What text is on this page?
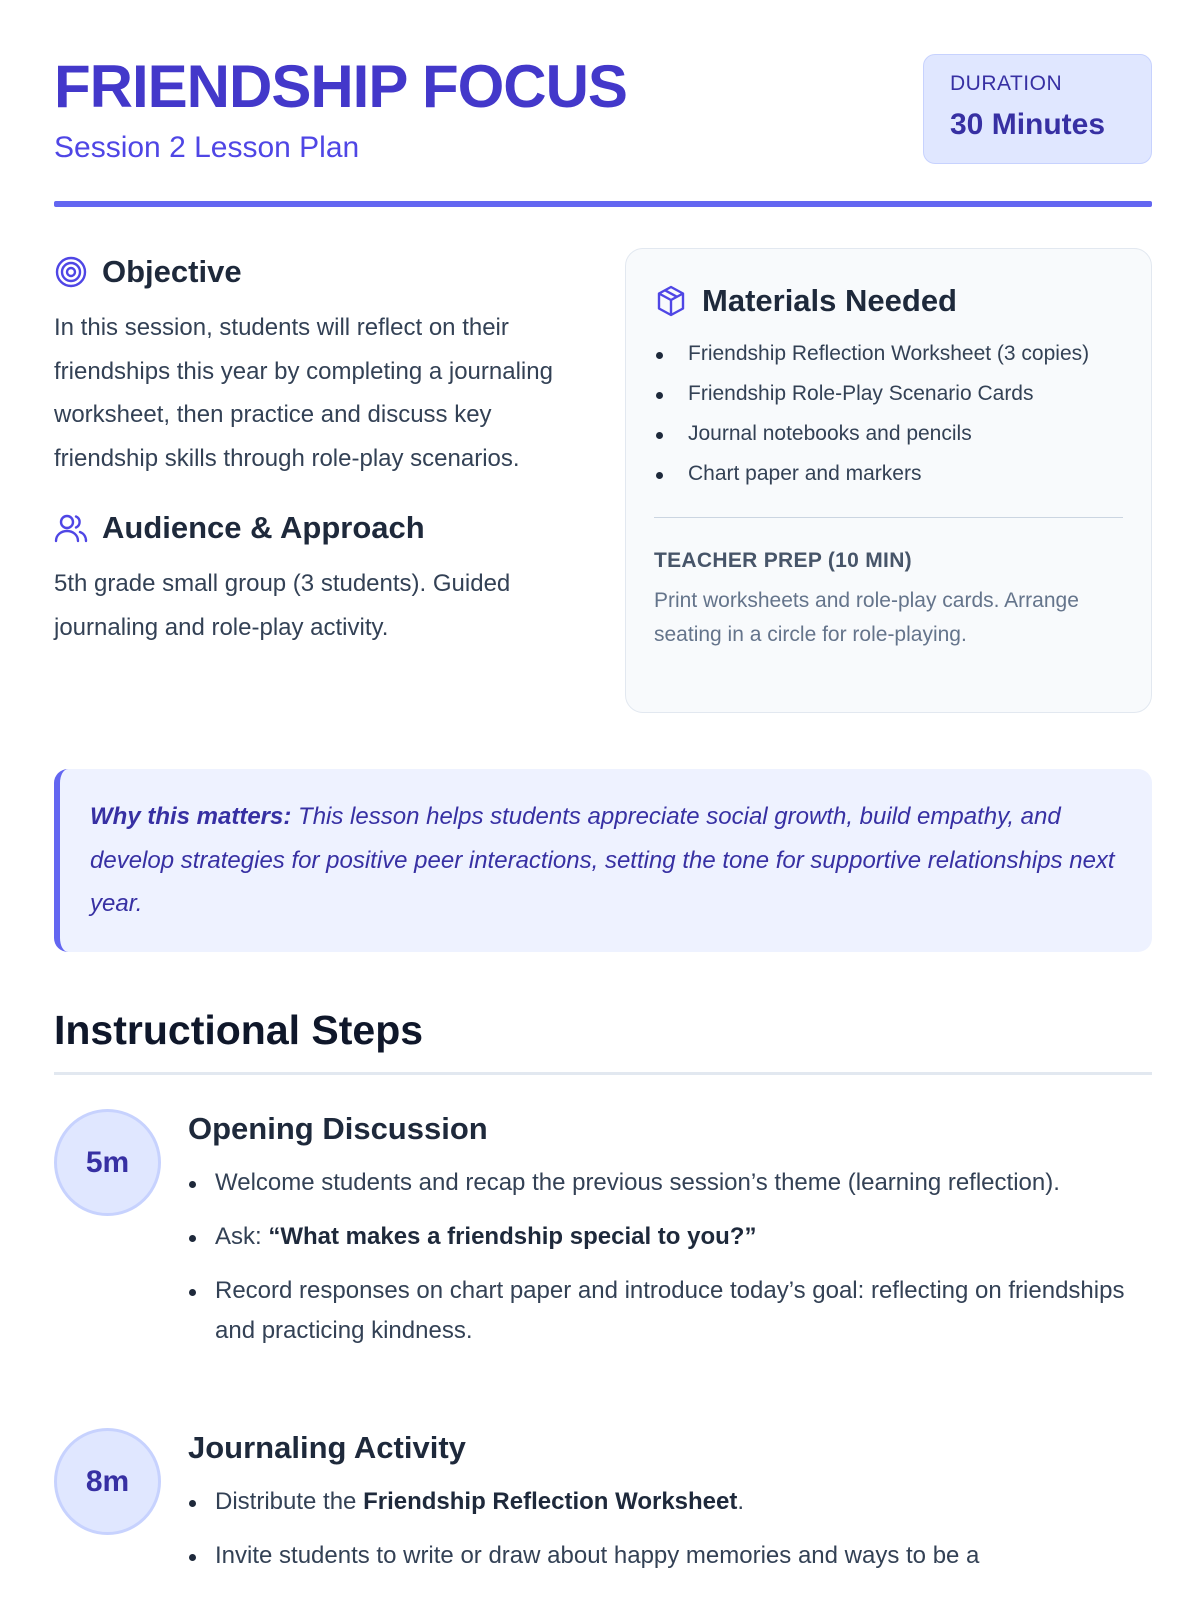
FRIENDSHIP FOCUS
Session 2 Lesson Plan
DURATION
30 Minutes
Objective

In this session, students will reflect on their friendships this year by completing a journaling worksheet, then practice and discuss key friendship skills through role-play scenarios.

Audience & Approach

5th grade small group (3 students). Guided journaling and role-play activity.

Materials Needed
Friendship Reflection Worksheet (3 copies)
Friendship Role-Play Scenario Cards
Journal notebooks and pencils
Chart paper and markers
TEACHER PREP (10 MIN)

Print worksheets and role-play cards. Arrange seating in a circle for role-playing.

Why this matters: This lesson helps students appreciate social growth, build empathy, and develop strategies for positive peer interactions, setting the tone for supportive relationships next year.

Instructional Steps
5m
Opening Discussion
Welcome students and recap the previous session’s theme (learning reflection).
Ask: “What makes a friendship special to you?”
Record responses on chart paper and introduce today’s goal: reflecting on friendships and practicing kindness.
8m
Journaling Activity
Distribute the Friendship Reflection Worksheet.
Invite students to write or draw about happy memories and ways to be a
